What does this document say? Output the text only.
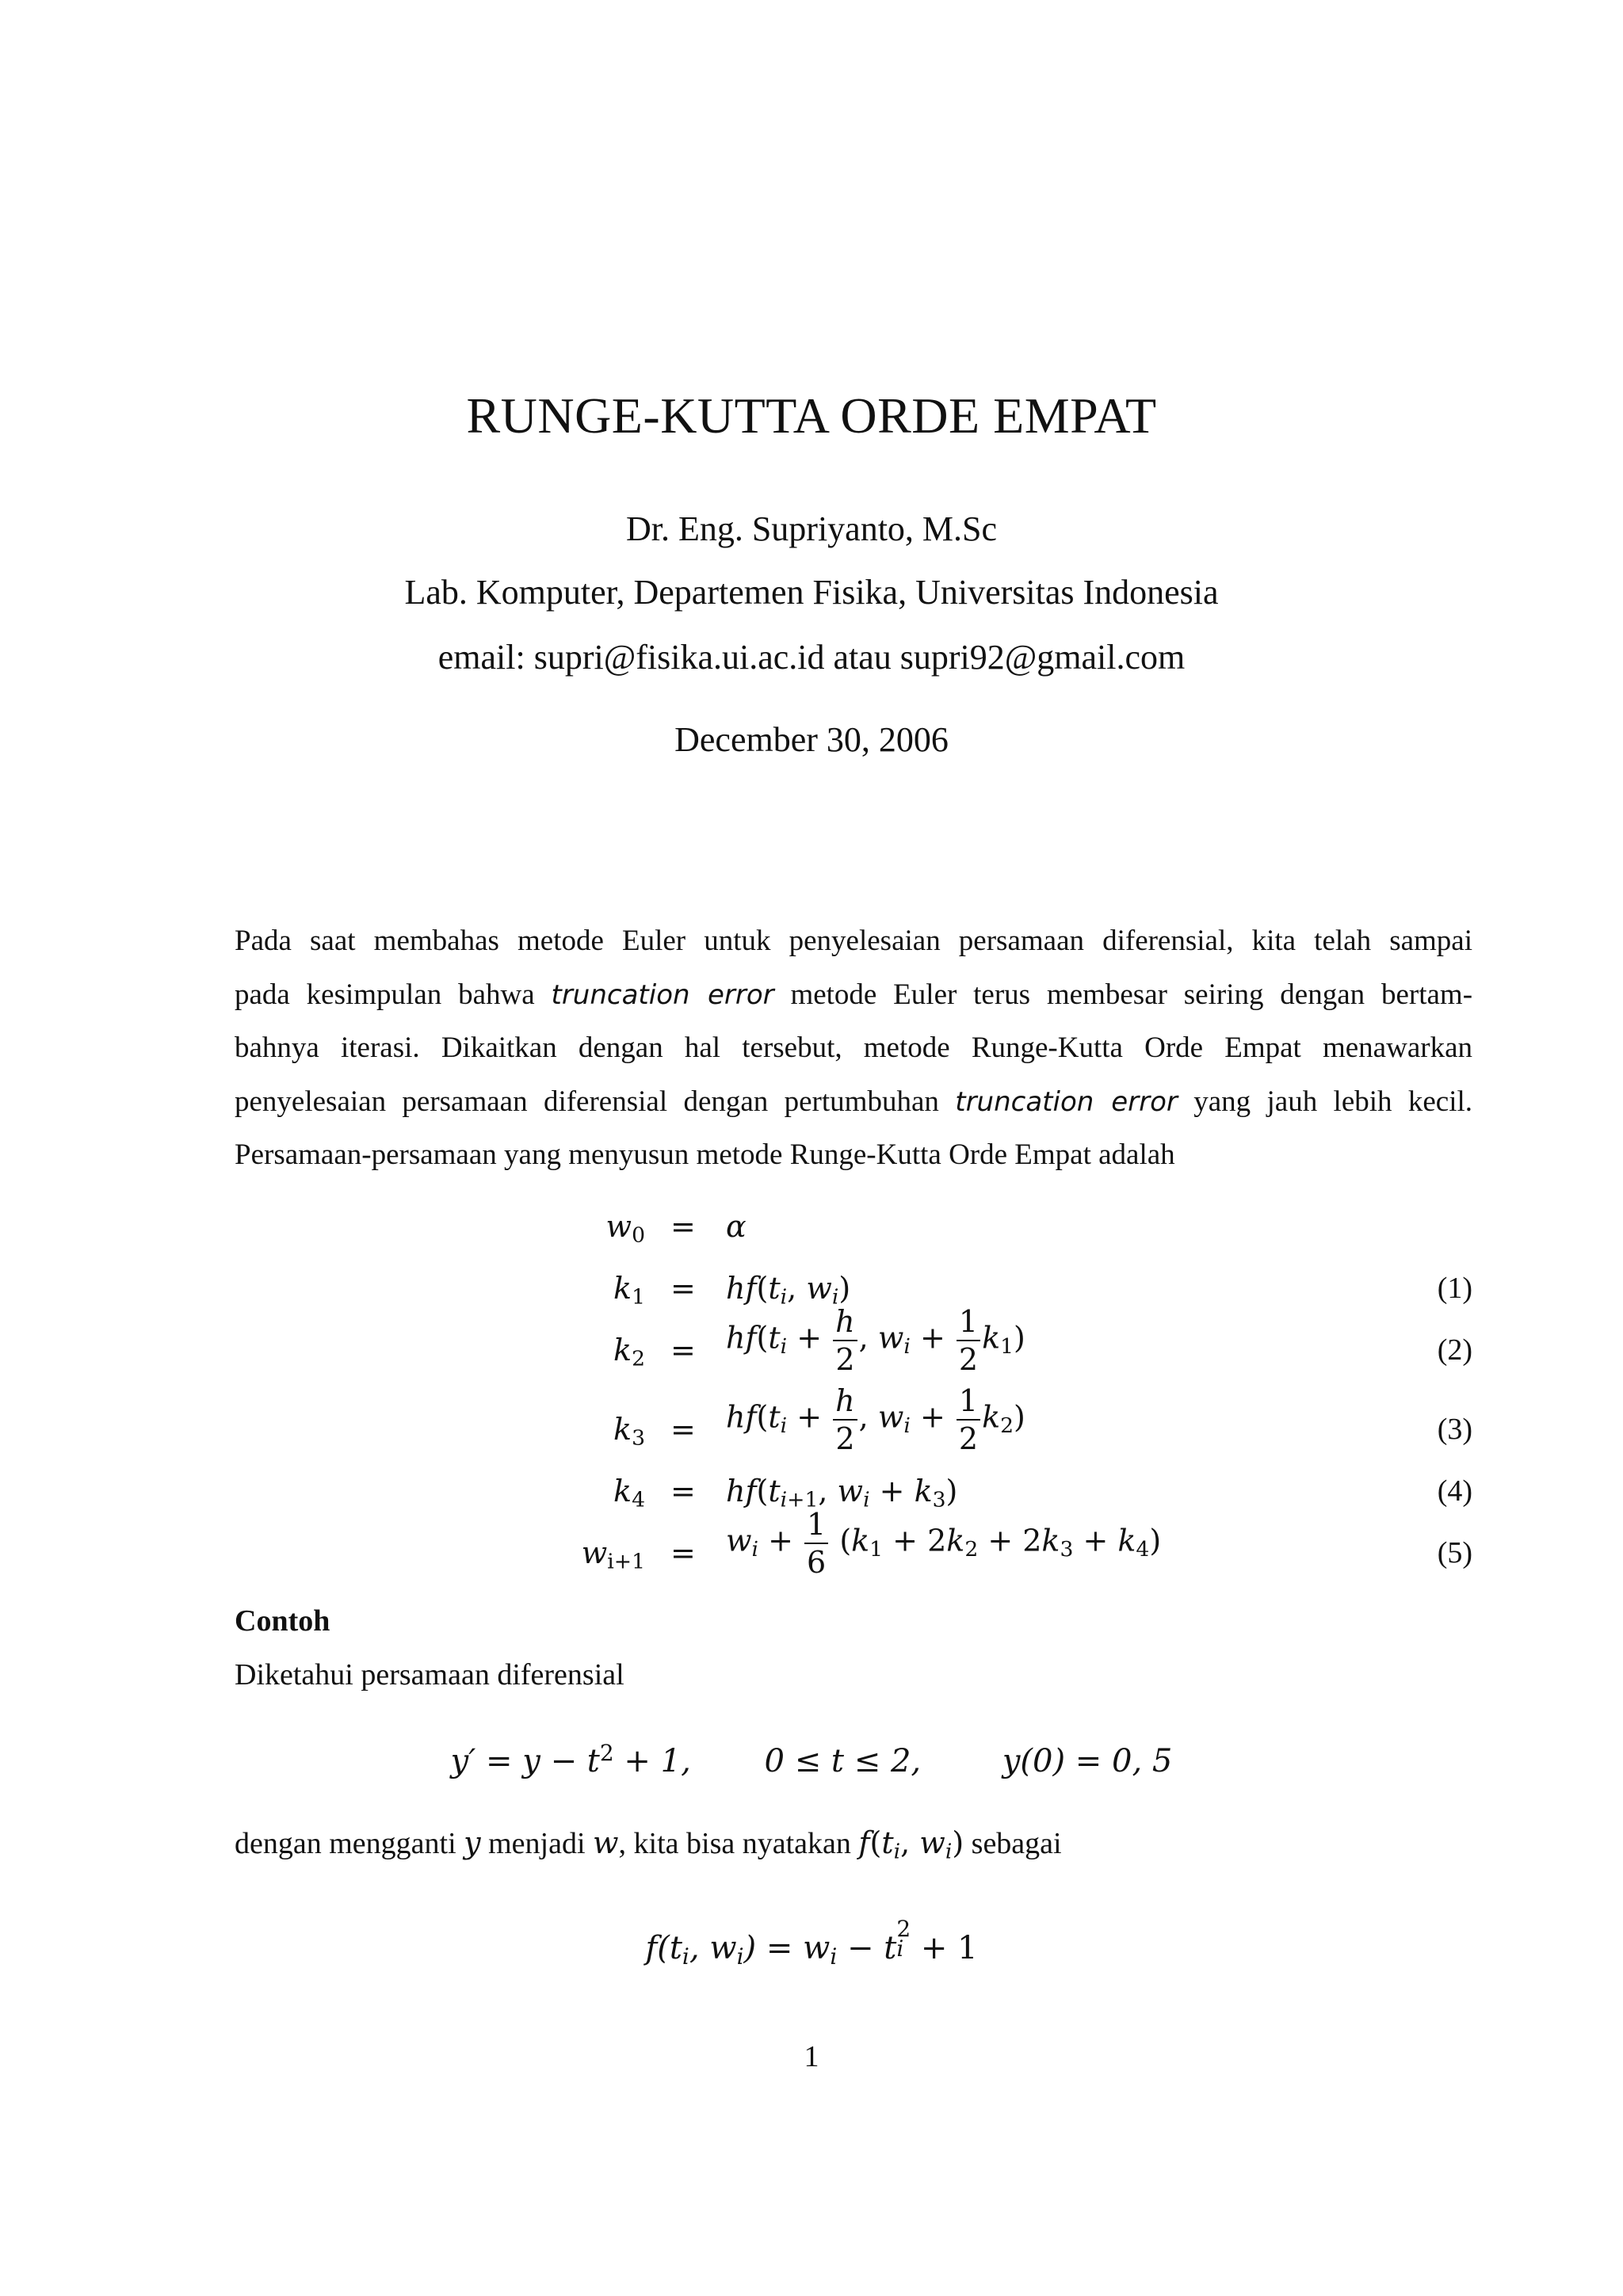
RUNGE-KUTTA ORDE EMPAT
Dr. Eng. Supriyanto, M.Sc
Lab. Komputer, Departemen Fisika, Universitas Indonesia
email: supri@fisika.ui.ac.id atau supri92@gmail.com
December 30, 2006
Pada saat membahas metode Euler untuk penyelesaian persamaan diferensial, kita telah sampai
pada kesimpulan bahwa truncation error metode Euler terus membesar seiring dengan bertam-
bahnya iterasi. Dikaitkan dengan hal tersebut, metode Runge-Kutta Orde Empat menawarkan
penyelesaian persamaan diferensial dengan pertumbuhan truncation error yang jauh lebih kecil.
Persamaan-persamaan yang menyusun metode Runge-Kutta Orde Empat adalah
$w_0 = \alpha$
$k_1 = hf(t_i$, $w_i$)	(1)
$k_2 = hf(t_i + \frac{h}{2}$ , $w_i + \frac{1}{2} k_1$)	(2)
$k_3 = hf(t_i + \frac{h}{2}$ , $w_i + \frac{1}{2} k_2$)	(3)
$k_4 = hf(t_{i+1}$, $w_i + k_3$)	(4)
$w_{i+1} = w_i + \frac{1}{6} (k_1 + 2k_2 + 2k_3 + k_4)$	(5)
Contoh
Diketahui persamaan diferensial
$y' = y - t^2 + 1$, 0 ≤ t ≤ 2,	y(0) = 0, 5
dengan mengganti y menjadi w, kita bisa nyatakan $f(t_i$, $w_i$) sebagai
$f(t_i$, $w_i) = w_i - t$
2
i + 1
1
